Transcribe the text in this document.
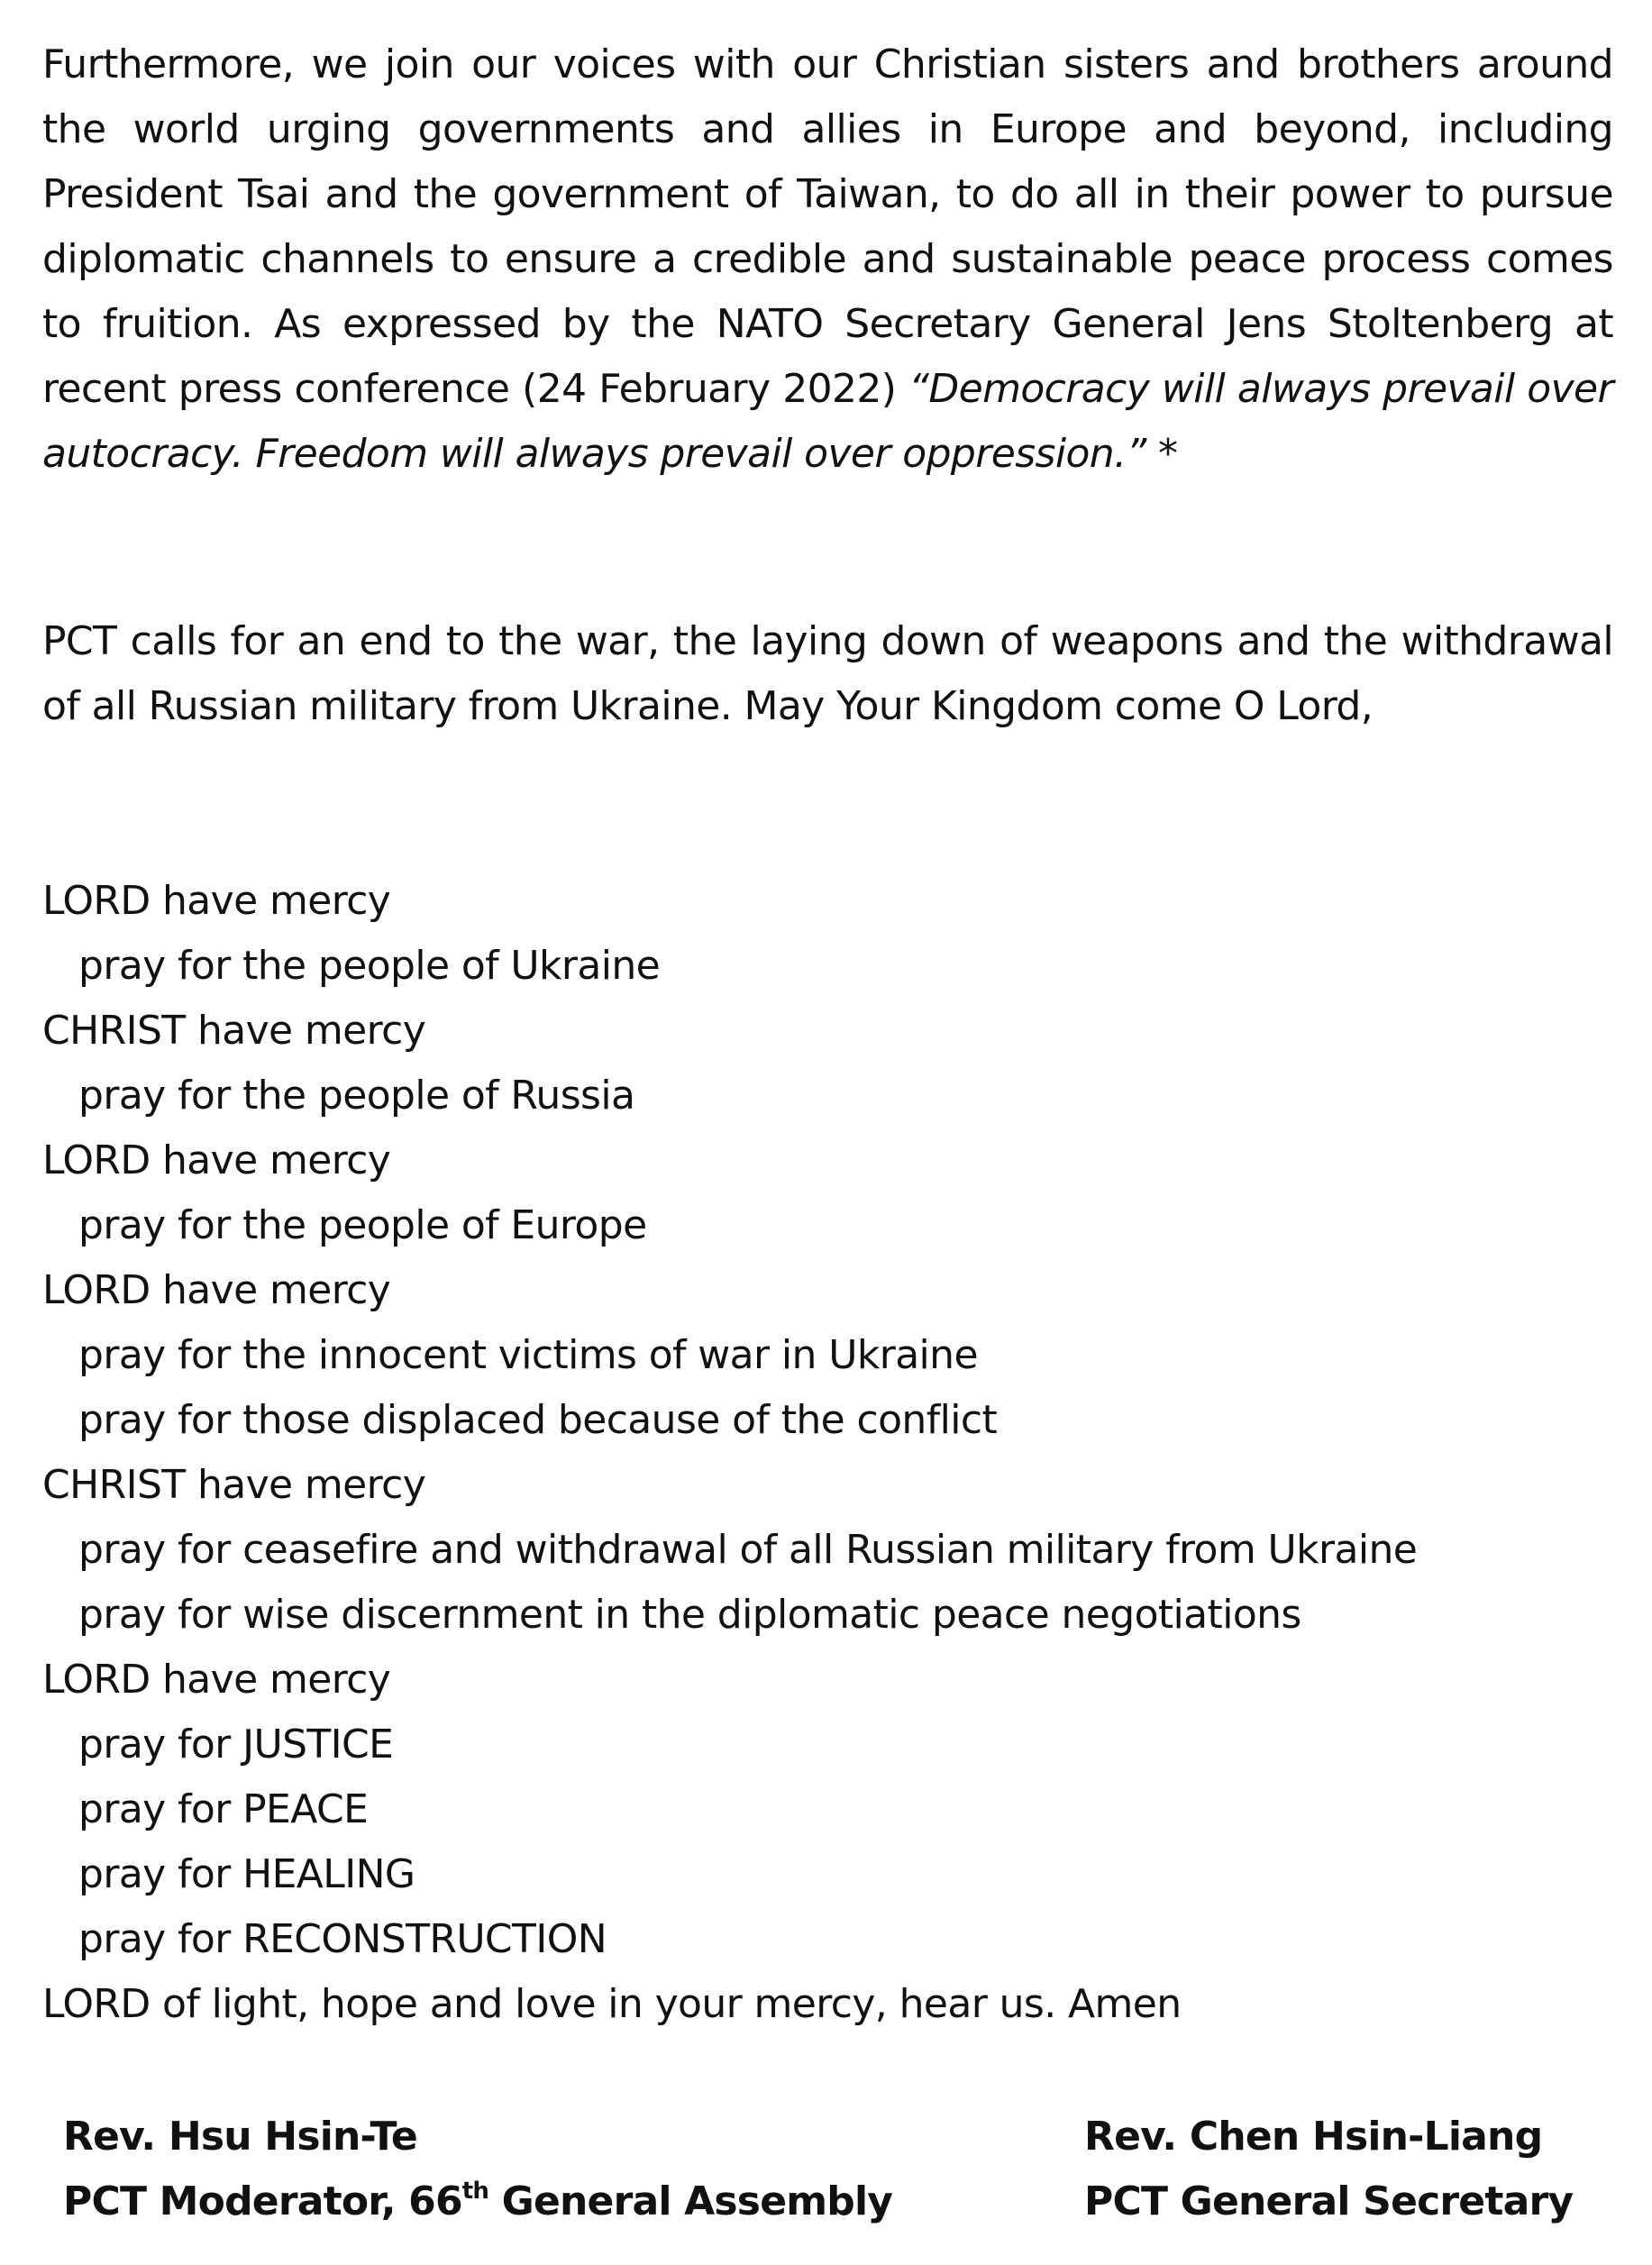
Furthermore, we join our voices with our Christian sisters and brothers around the world urging governments and allies in Europe and beyond, including President Tsai and the government of Taiwan, to do all in their power to pursue diplomatic channels to ensure a credible and sustainable peace process comes to fruition. As expressed by the NATO Secretary General Jens Stoltenberg at recent press conference (24 February 2022) “Democracy will always prevail over autocracy. Freedom will always prevail over oppression.” *

PCT calls for an end to the war, the laying down of weapons and the withdrawal of all Russian military from Ukraine. May Your Kingdom come O Lord,

LORD have mercy
pray for the people of Ukraine
CHRIST have mercy
pray for the people of Russia
LORD have mercy
pray for the people of Europe
LORD have mercy
pray for the innocent victims of war in Ukraine
pray for those displaced because of the conflict
CHRIST have mercy
pray for ceasefire and withdrawal of all Russian military from Ukraine
pray for wise discernment in the diplomatic peace negotiations
LORD have mercy
pray for JUSTICE
pray for PEACE
pray for HEALING
pray for RECONSTRUCTION
LORD of light, hope and love in your mercy, hear us. Amen
Rev. Hsu Hsin-Te
PCT Moderator, 66th General Assembly
Rev. Chen Hsin-Liang
PCT General Secretary
